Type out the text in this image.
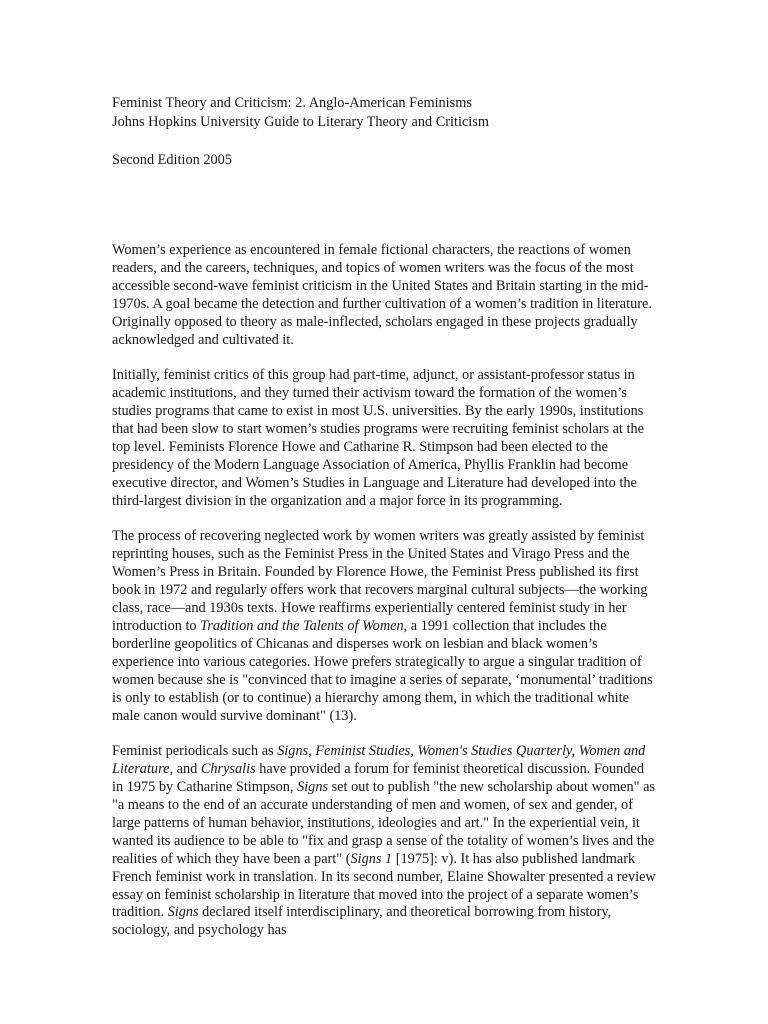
Feminist Theory and Criticism: 2. Anglo-American Feminisms

Johns Hopkins University Guide to Literary Theory and Criticism

Second Edition 2005

Women’s experience as encountered in female fictional characters, the reactions of women readers, and the careers, techniques, and topics of women writers was the focus of the most accessible second-wave feminist criticism in the United States and Britain starting in the mid-1970s. A goal became the detection and further cultivation of a women’s tradition in literature. Originally opposed to theory as male-inflected, scholars engaged in these projects gradually acknowledged and cultivated it.

Initially, feminist critics of this group had part-time, adjunct, or assistant-professor status in academic institutions, and they turned their activism toward the formation of the women’s studies programs that came to exist in most U.S. universities. By the early 1990s, institutions that had been slow to start women’s studies programs were recruiting feminist scholars at the top level. Feminists Florence Howe and Catharine R. Stimpson had been elected to the presidency of the Modern Language Association of America, Phyllis Franklin had become executive director, and Women’s Studies in Language and Literature had developed into the third-largest division in the organization and a major force in its programming.

The process of recovering neglected work by women writers was greatly assisted by feminist reprinting houses, such as the Feminist Press in the United States and Virago Press and the Women’s Press in Britain. Founded by Florence Howe, the Feminist Press published its first book in 1972 and regularly offers work that recovers marginal cultural subjects—the working class, race—and 1930s texts. Howe reaffirms experientially centered feminist study in her introduction to Tradition and the Talents of Women, a 1991 collection that includes the borderline geopolitics of Chicanas and disperses work on lesbian and black women’s experience into various categories. Howe prefers strategically to argue a singular tradition of women because she is "convinced that to imagine a series of separate, ‘monumental’ traditions is only to establish (or to continue) a hierarchy among them, in which the traditional white male canon would survive dominant" (13).

Feminist periodicals such as Signs, Feminist Studies, Women's Studies Quarterly, Women and Literature, and Chrysalis have provided a forum for feminist theoretical discussion. Founded in 1975 by Catharine Stimpson, Signs set out to publish "the new scholarship about women" as "a means to the end of an accurate understanding of men and women, of sex and gender, of large patterns of human behavior, institutions, ideologies and art." In the experiential vein, it wanted its audience to be able to "fix and grasp a sense of the totality of women’s lives and the realities of which they have been a part" (Signs 1 [1975]: v). It has also published landmark French feminist work in translation. In its second number, Elaine Showalter presented a review essay on feminist scholarship in literature that moved into the project of a separate women’s tradition. Signs declared itself interdisciplinary, and theoretical borrowing from history, sociology, and psychology has
